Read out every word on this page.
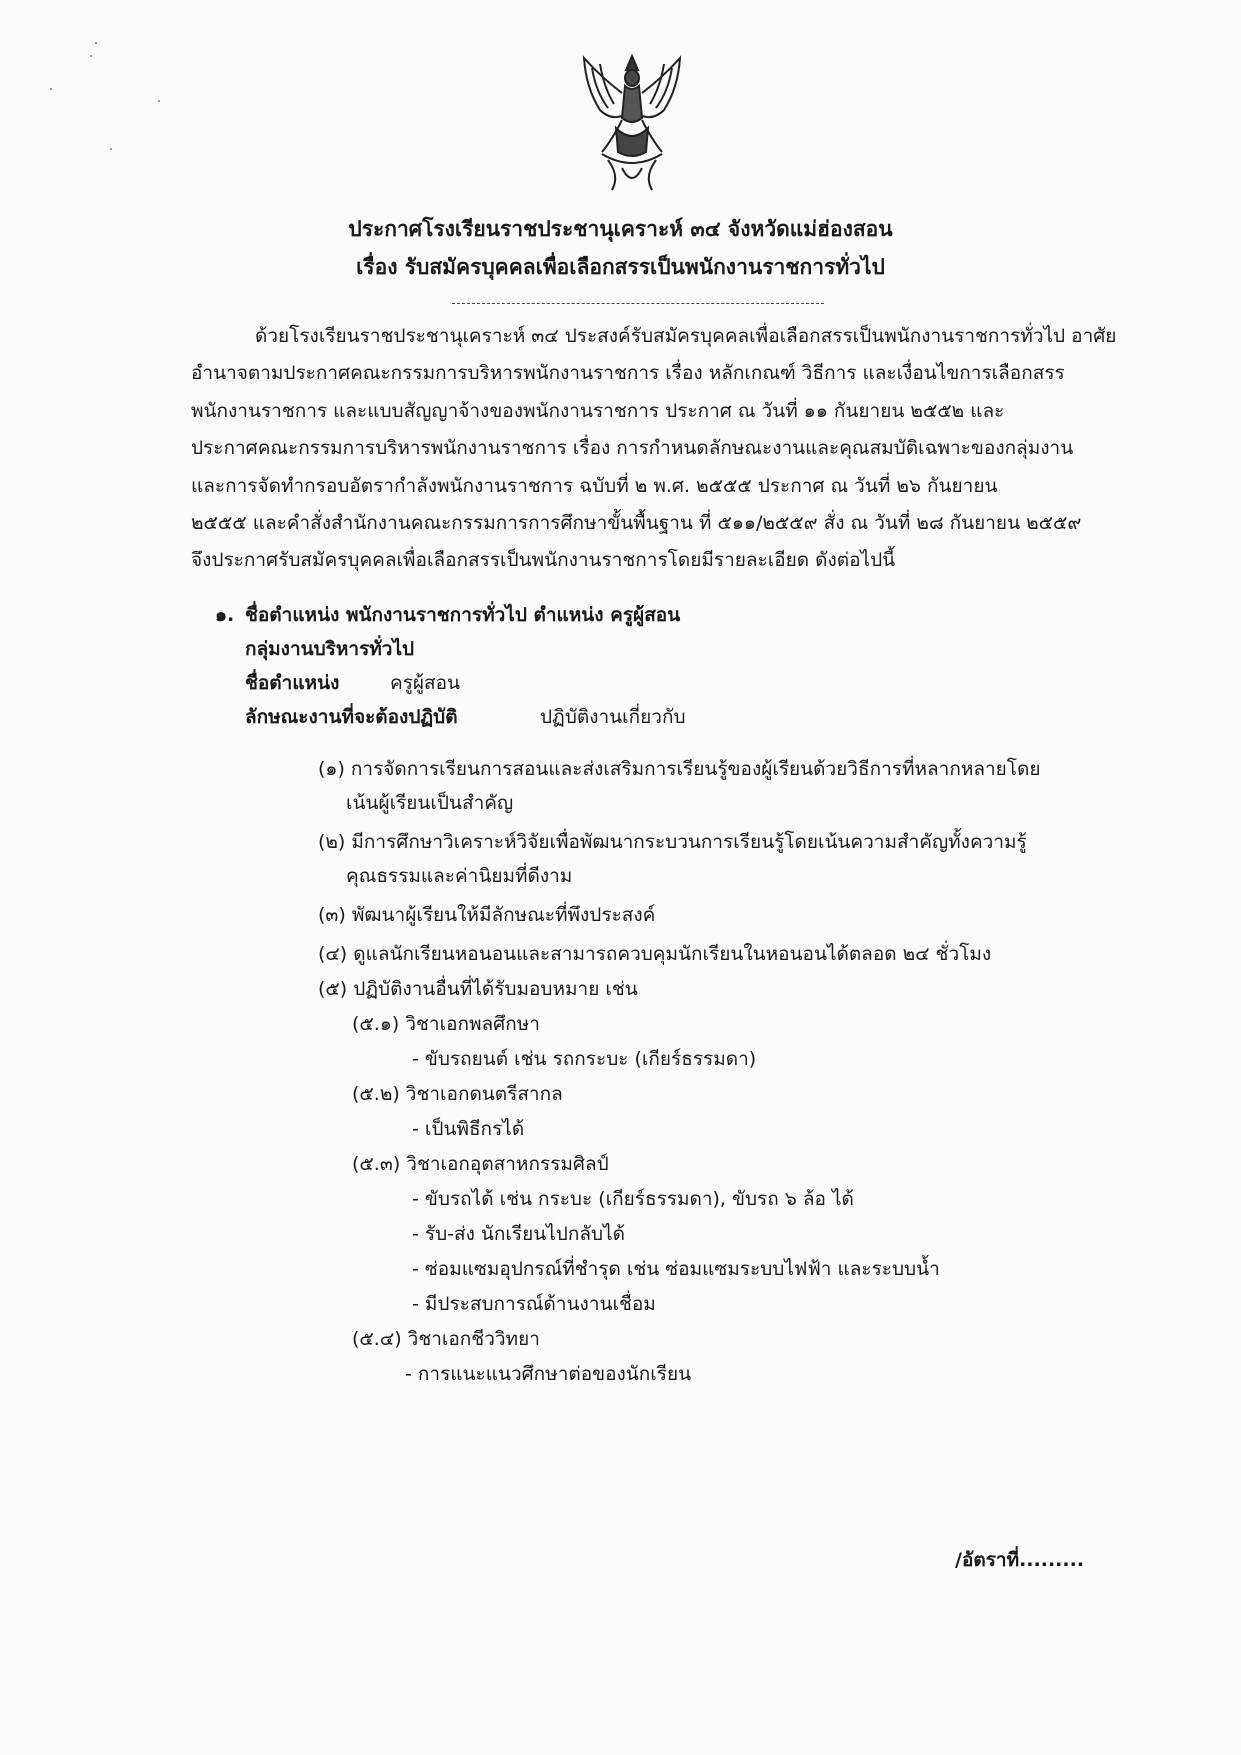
ประกาศโรงเรียนราชประชานุเคราะห์ ๓๔ จังหวัดแม่ฮ่องสอน
เรื่อง รับสมัครบุคคลเพื่อเลือกสรรเป็นพนักงานราชการทั่วไป
ด้วยโรงเรียนราชประชานุเคราะห์ ๓๔ ประสงค์รับสมัครบุคคลเพื่อเลือกสรรเป็นพนักงานราชการทั่วไป อาศัย
อำนาจตามประกาศคณะกรรมการบริหารพนักงานราชการ เรื่อง หลักเกณฑ์ วิธีการ และเงื่อนไขการเลือกสรร
พนักงานราชการ และแบบสัญญาจ้างของพนักงานราชการ ประกาศ ณ วันที่ ๑๑ กันยายน ๒๕๕๒ และ
ประกาศคณะกรรมการบริหารพนักงานราชการ เรื่อง การกำหนดลักษณะงานและคุณสมบัติเฉพาะของกลุ่มงาน
และการจัดทำกรอบอัตรากำลังพนักงานราชการ ฉบับที่ ๒ พ.ศ. ๒๕๕๕ ประกาศ ณ วันที่ ๒๖ กันยายน
๒๕๕๕ และคำสั่งสำนักงานคณะกรรมการการศึกษาขั้นพื้นฐาน ที่ ๕๑๑/๒๕๕๙ สั่ง ณ วันที่ ๒๘ กันยายน ๒๕๕๙
จึงประกาศรับสมัครบุคคลเพื่อเลือกสรรเป็นพนักงานราชการโดยมีรายละเอียด ดังต่อไปนี้
๑. ชื่อตำแหน่ง พนักงานราชการทั่วไป ตำแหน่ง ครูผู้สอน
กลุ่มงานบริหารทั่วไป
ชื่อตำแหน่ง	ครูผู้สอน
ลักษณะงานที่จะต้องปฏิบัติ	ปฏิบัติงานเกี่ยวกับ
(๑) การจัดการเรียนการสอนและส่งเสริมการเรียนรู้ของผู้เรียนด้วยวิธีการที่หลากหลายโดย
เน้นผู้เรียนเป็นสำคัญ
(๒) มีการศึกษาวิเคราะห์วิจัยเพื่อพัฒนากระบวนการเรียนรู้โดยเน้นความสำคัญทั้งความรู้
คุณธรรมและค่านิยมที่ดีงาม
(๓) พัฒนาผู้เรียนให้มีลักษณะที่พึงประสงค์
(๔) ดูแลนักเรียนหอนอนและสามารถควบคุมนักเรียนในหอนอนได้ตลอด ๒๔ ชั่วโมง
(๕) ปฏิบัติงานอื่นที่ได้รับมอบหมาย เช่น
(๕.๑) วิชาเอกพลศึกษา
- ขับรถยนต์ เช่น รถกระบะ (เกียร์ธรรมดา)
(๕.๒) วิชาเอกดนตรีสากล
- เป็นพิธีกรได้
(๕.๓) วิชาเอกอุตสาหกรรมศิลป์
- ขับรถได้ เช่น กระบะ (เกียร์ธรรมดา), ขับรถ ๖ ล้อ ได้
- รับ-ส่ง นักเรียนไปกลับได้
- ซ่อมแซมอุปกรณ์ที่ชำรุด เช่น ซ่อมแซมระบบไฟฟ้า และระบบน้ำ
- มีประสบการณ์ด้านงานเชื่อม
(๕.๔) วิชาเอกชีววิทยา
- การแนะแนวศึกษาต่อของนักเรียน
/อัตราที่.........
